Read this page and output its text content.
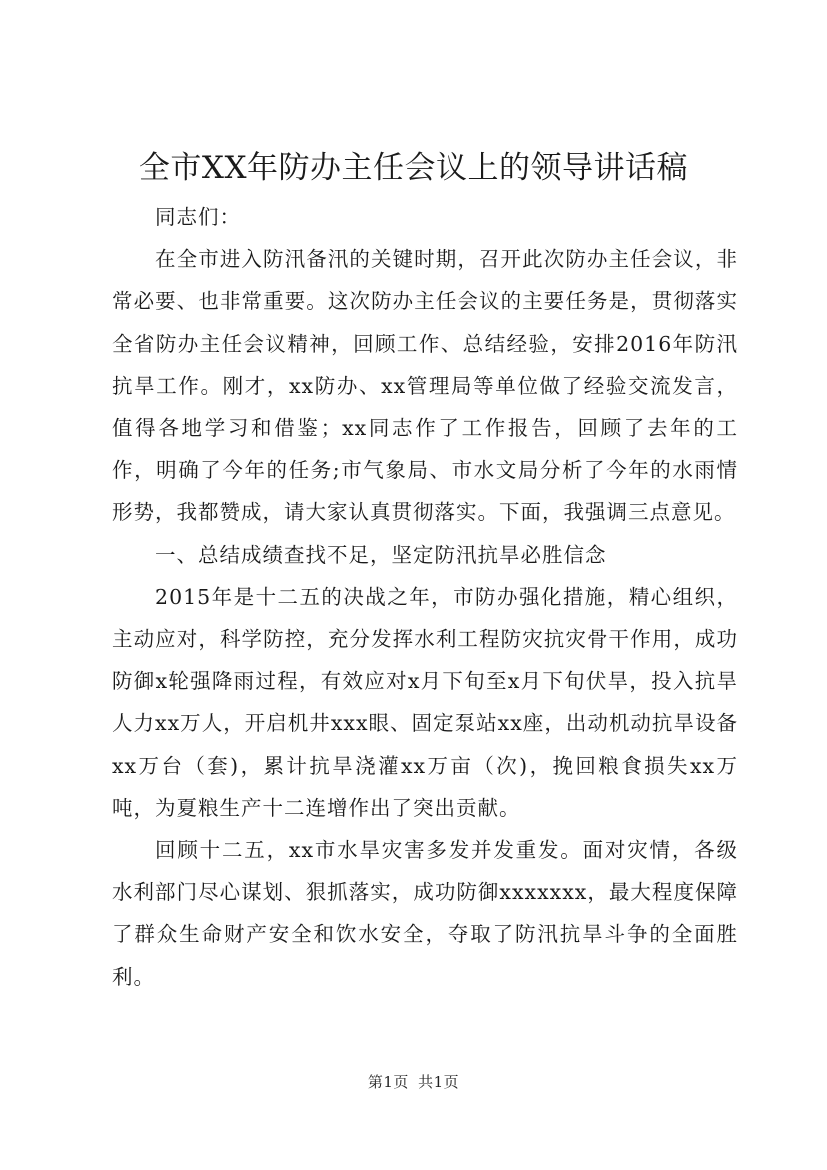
全市XX年防办主任会议上的领导讲话稿

同志们：

在全市进入防汛备汛的关键时期，召开此次防办主任会议，非常必要、也非常重要。这次防办主任会议的主要任务是，贯彻落实全省防办主任会议精神，回顾工作、总结经验，安排2016年防汛抗旱工作。刚才，xx防办、xx管理局等单位做了经验交流发言，值得各地学习和借鉴；xx同志作了工作报告，回顾了去年的工作，明确了今年的任务;市气象局、市水文局分析了今年的水雨情形势，我都赞成，请大家认真贯彻落实。下面，我强调三点意见。

一、总结成绩查找不足，坚定防汛抗旱必胜信念

2015年是十二五的决战之年，市防办强化措施，精心组织，主动应对，科学防控，充分发挥水利工程防灾抗灾骨干作用，成功防御x轮强降雨过程，有效应对x月下旬至x月下旬伏旱，投入抗旱人力xx万人，开启机井xxx眼、固定泵站xx座，出动机动抗旱设备xx万台（套)，累计抗旱浇灌xx万亩（次)，挽回粮食损失xx万吨，为夏粮生产十二连增作出了突出贡献。

回顾十二五，xx市水旱灾害多发并发重发。面对灾情，各级水利部门尽心谋划、狠抓落实，成功防御xxxxxxx，最大程度保障了群众生命财产安全和饮水安全，夺取了防汛抗旱斗争的全面胜利。

第1页 共1页
